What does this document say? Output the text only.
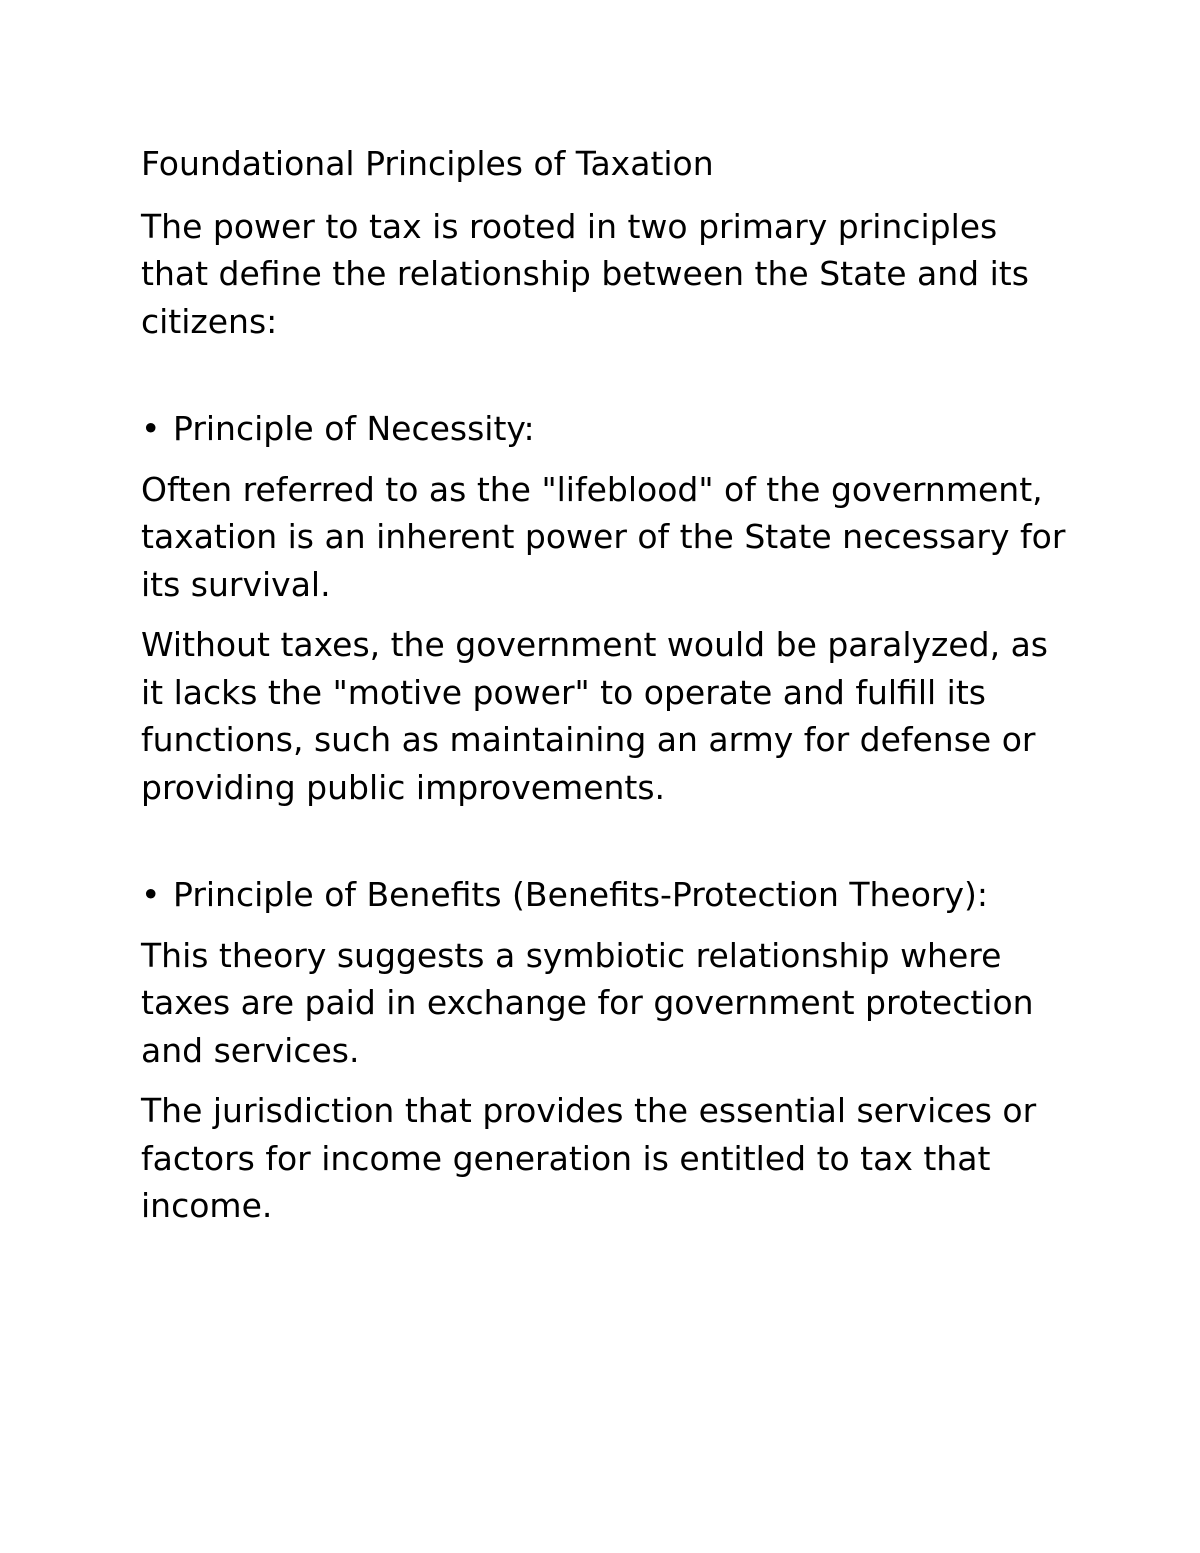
Foundational Principles of Taxation

The power to tax is rooted in two primary principles that define the relationship between the State and its citizens:

• Principle of Necessity:

Often referred to as the "lifeblood" of the government, taxation is an inherent power of the State necessary for its survival.

Without taxes, the government would be paralyzed, as it lacks the "motive power" to operate and fulfill its functions, such as maintaining an army for defense or providing public improvements.

• Principle of Benefits (Benefits-Protection Theory):

This theory suggests a symbiotic relationship where taxes are paid in exchange for government protection and services.

The jurisdiction that provides the essential services or factors for income generation is entitled to tax that income.
